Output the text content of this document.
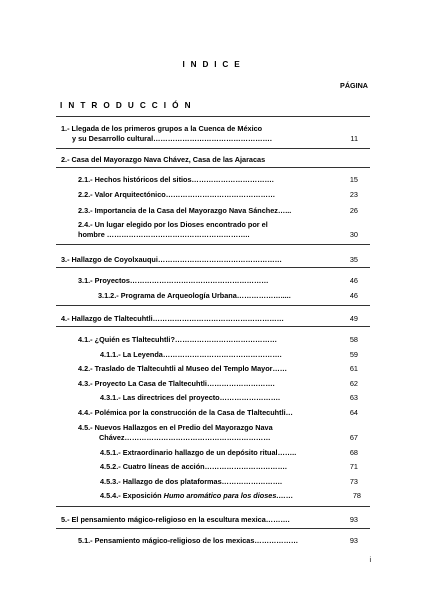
I N D I C E
PÁGINA
I N T R O D U C C I Ó N
1.- Llegada de los primeros grupos a la Cuenca de México
y su Desarrollo cultural………………………………………….	11
2.- Casa del Mayorazgo Nava Chávez, Casa de las Ajaracas
2.1.- Hechos históricos del sitios…………………………….	15
2.2.- Valor Arquitectónico………………………………………	23
2.3.- Importancia de la Casa del Mayorazgo Nava Sánchez…...	26
2.4.- Un lugar elegido por los Dioses encontrado por el
hombre …………………………………………………..	30
3.- Hallazgo de Coyolxauqui……………………………………………	35
3.1.- Proyectos…………………………………………………	46
3.1.2.- Programa de Arqueología Urbana……………….....	46
4.- Hallazgo de Tlaltecuhtli………………………………………………	49
4.1.- ¿Quién es Tlaltecuhtli?……………………………………	58
4.1.1.- La Leyenda………………………………………….	59
4.2.- Traslado de Tlaltecuhtli al Museo del Templo Mayor……	61
4.3.- Proyecto La Casa de Tlaltecuhtli……………………….	62
4.3.1.- Las directrices del proyecto…………………….	63
4.4.- Polémica por la construcción de la Casa de Tlaltecuhtli…	64
4.5.- Nuevos Hallazgos en el Predio del Mayorazgo Nava
Chávez……………………………………………………	67
4.5.1.- Extraordinario hallazgo de un depósito ritual……..	68
4.5.2.- Cuatro líneas de acción…………………………….	71
4.5.3.- Hallazgo de dos plataformas…………………….	73
4.5.4.- Exposición Humo aromático para los dioses.……	78
5.- El pensamiento mágico-religioso en la escultura mexica……….	93
5.1.- Pensamiento mágico-religioso de los mexicas………………	93
i
